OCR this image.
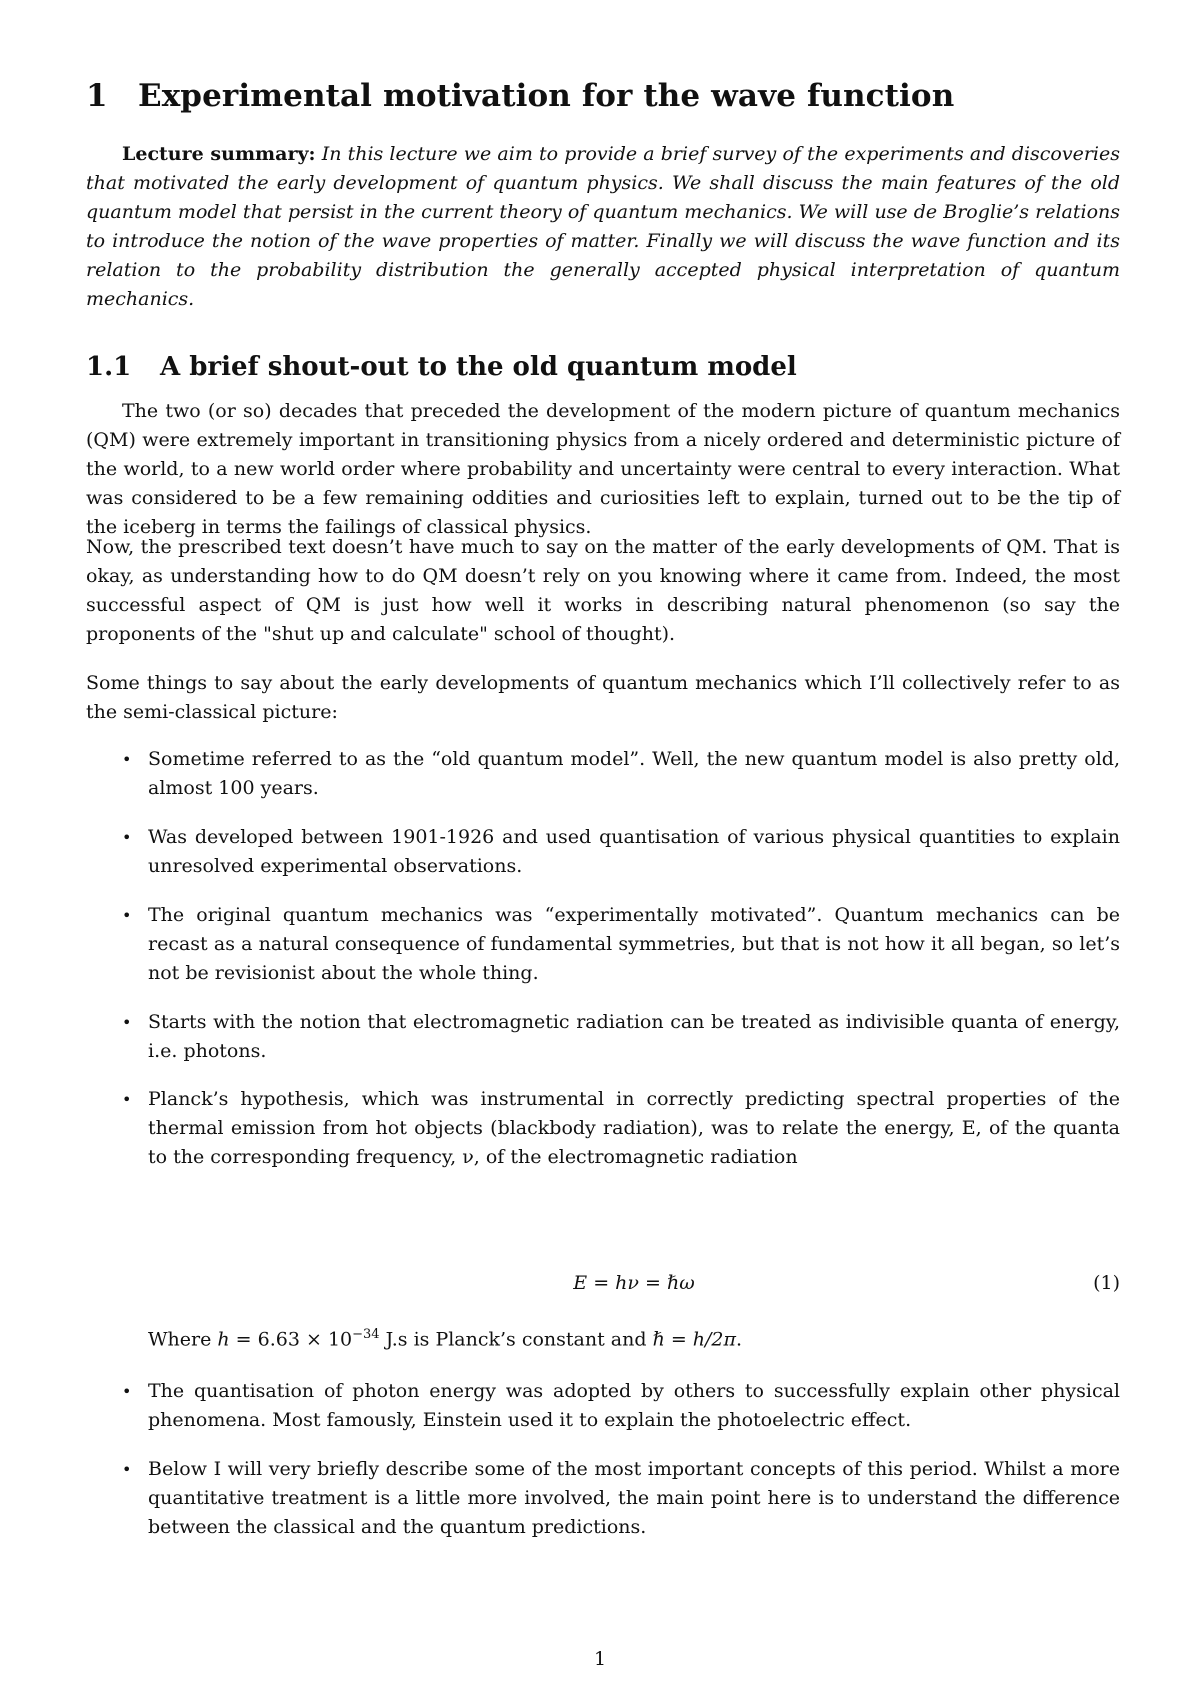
1 Experimental motivation for the wave function
Lecture summary: In this lecture we aim to provide a brief survey of the experiments and discoveries that motivated the early development of quantum physics. We shall discuss the main features of the old quantum model that persist in the current theory of quantum mechanics. We will use de Broglie’s relations to introduce the notion of the wave properties of matter. Finally we will discuss the wave function and its relation to the probability distribution the generally accepted physical interpretation of quantum mechanics.
1.1 A brief shout-out to the old quantum model

The two (or so) decades that preceded the development of the modern picture of quantum mechanics (QM) were extremely important in transitioning physics from a nicely ordered and deterministic picture of the world, to a new world order where probability and uncertainty were central to every interaction. What was considered to be a few remaining oddities and curiosities left to explain, turned out to be the tip of the iceberg in terms the failings of classical physics.

Now, the prescribed text doesn’t have much to say on the matter of the early developments of QM. That is okay, as understanding how to do QM doesn’t rely on you knowing where it came from. Indeed, the most successful aspect of QM is just how well it works in describing natural phenomenon (so say the proponents of the "shut up and calculate" school of thought).

Some things to say about the early developments of quantum mechanics which I’ll collectively refer to as the semi-classical picture:

• Sometime referred to as the “old quantum model”. Well, the new quantum model is also pretty old, almost 100 years.
• Was developed between 1901-1926 and used quantisation of various physical quantities to explain unresolved experimental observations.
• The original quantum mechanics was “experimentally motivated”. Quantum mechanics can be recast as a natural consequence of fundamental symmetries, but that is not how it all began, so let’s not be revisionist about the whole thing.
• Starts with the notion that electromagnetic radiation can be treated as indivisible quanta of energy, i.e. photons.
• Planck’s hypothesis, which was instrumental in correctly predicting spectral properties of the thermal emission from hot objects (blackbody radiation), was to relate the energy, E, of the quanta to the corresponding frequency, ν, of the electromagnetic radiation
• The quantisation of photon energy was adopted by others to successfully explain other physical phenomena. Most famously, Einstein used it to explain the photoelectric effect.
• Below I will very briefly describe some of the most important concepts of this period. Whilst a more quantitative treatment is a little more involved, the main point here is to understand the difference between the classical and the quantum predictions.
E = hν = ℏω	(1)
Where $h = 6.63 \times 10^{-34}$ J.s is Planck’s constant and ℏ = h/2π.
1
